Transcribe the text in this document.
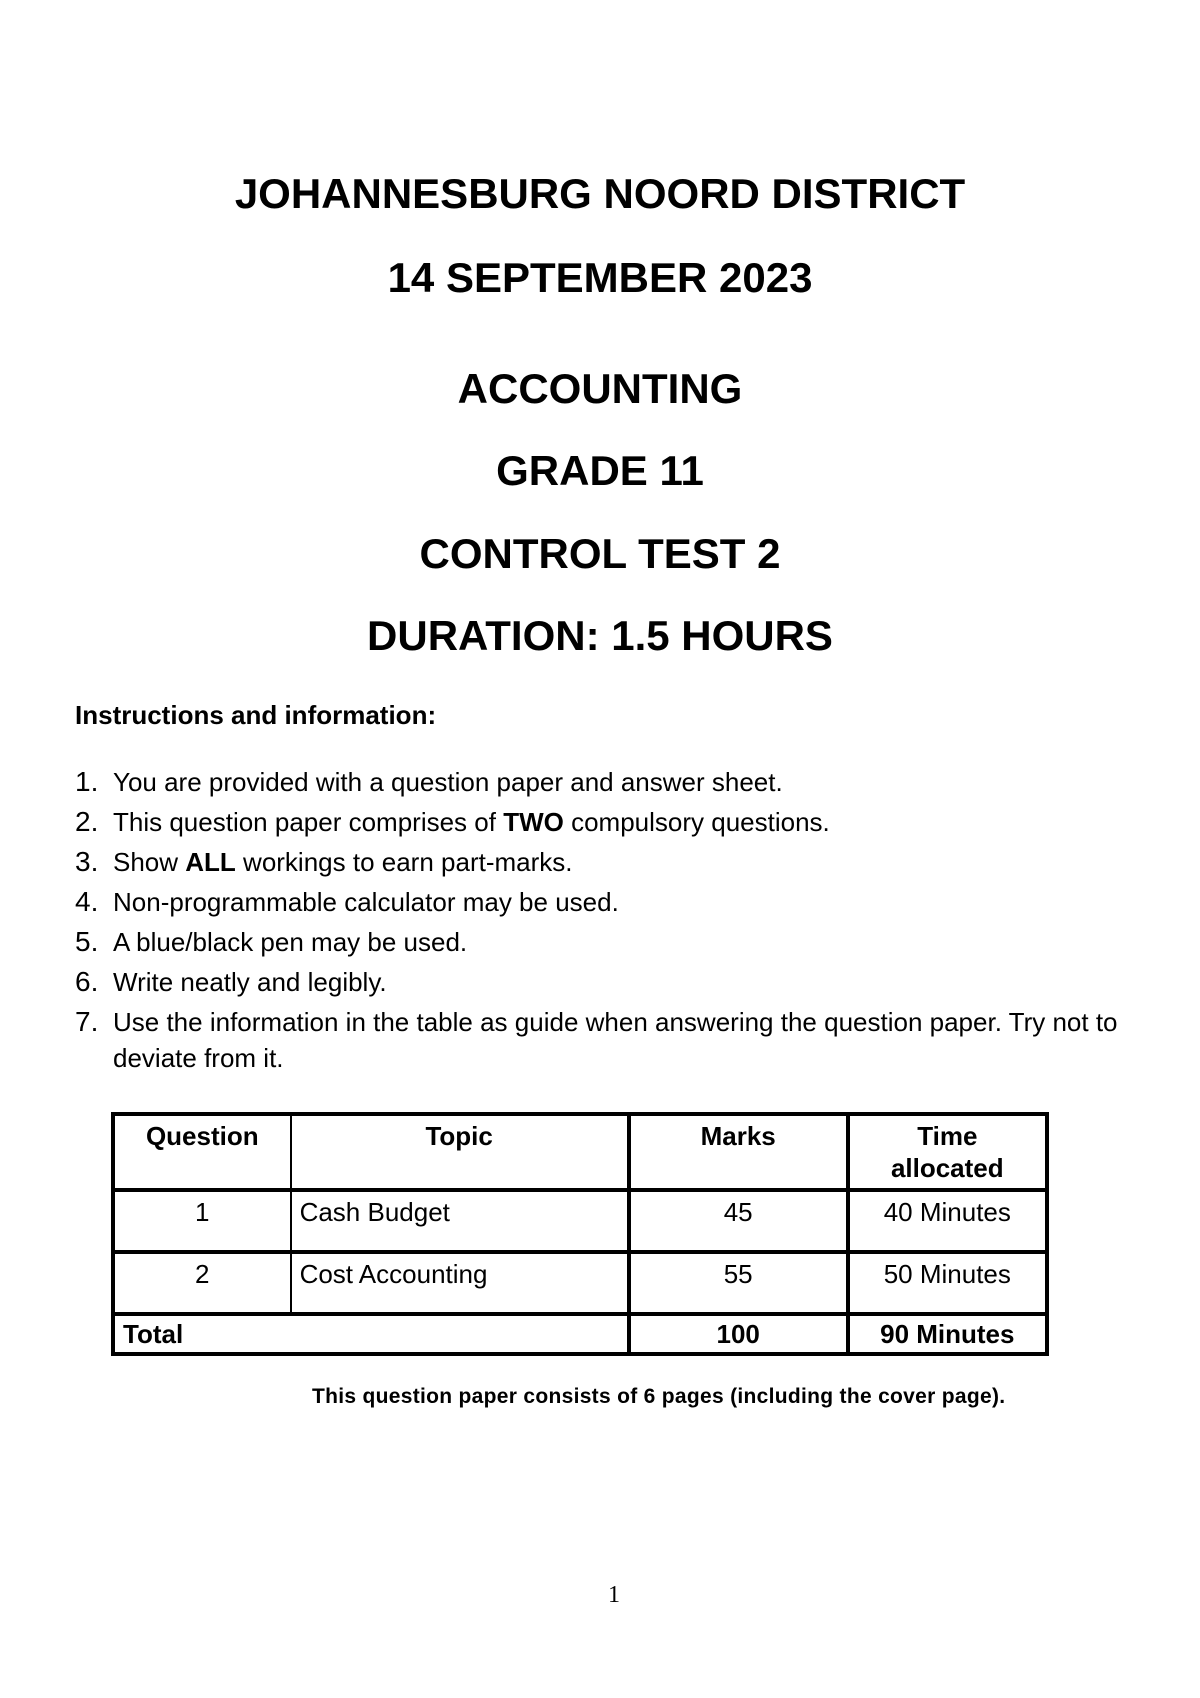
JOHANNESBURG NOORD DISTRICT
14 SEPTEMBER 2023
ACCOUNTING
GRADE 11
CONTROL TEST 2
DURATION: 1.5 HOURS

Instructions and information:

1. You are provided with a question paper and answer sheet.
2. This question paper comprises of TWO compulsory questions.
3. Show ALL workings to earn part-marks.
4. Non-programmable calculator may be used.
5. A blue/black pen may be used.
6. Write neatly and legibly.
7. Use the information in the table as guide when answering the question paper. Try not to deviate from it.
Question	Topic	Marks	Time allocated
1	Cash Budget	45	40 Minutes
2	Cost Accounting	55	50 Minutes
Total		100	90 Minutes

This question paper consists of 6 pages (including the cover page).

1
